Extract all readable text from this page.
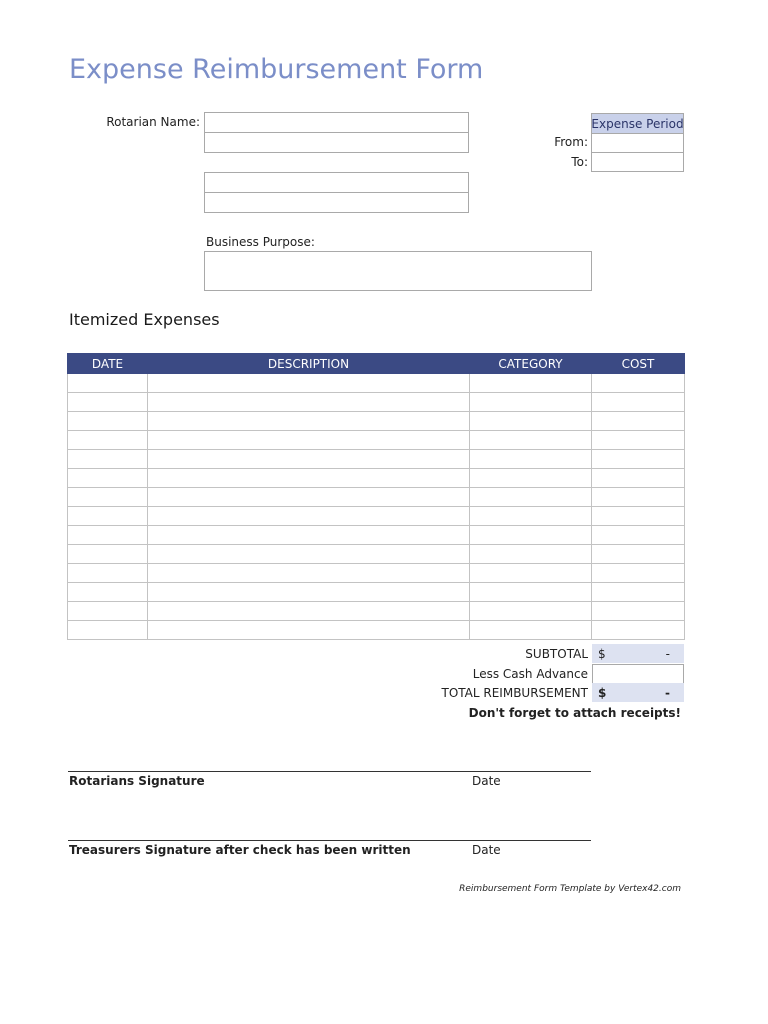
Expense Reimbursement Form
Rotarian Name:	Expense Period
From:
To:
Business Purpose:
Itemized Expenses
DATE	DESCRIPTION	CATEGORY	COST

SUBTOTAL $	-
Less Cash Advance
TOTAL REIMBURSEMENT $	-
Don't forget to attach receipts!
Rotarians Signature	Date
Treasurers Signature after check has been written	Date
Reimbursement Form Template by Vertex42.com
